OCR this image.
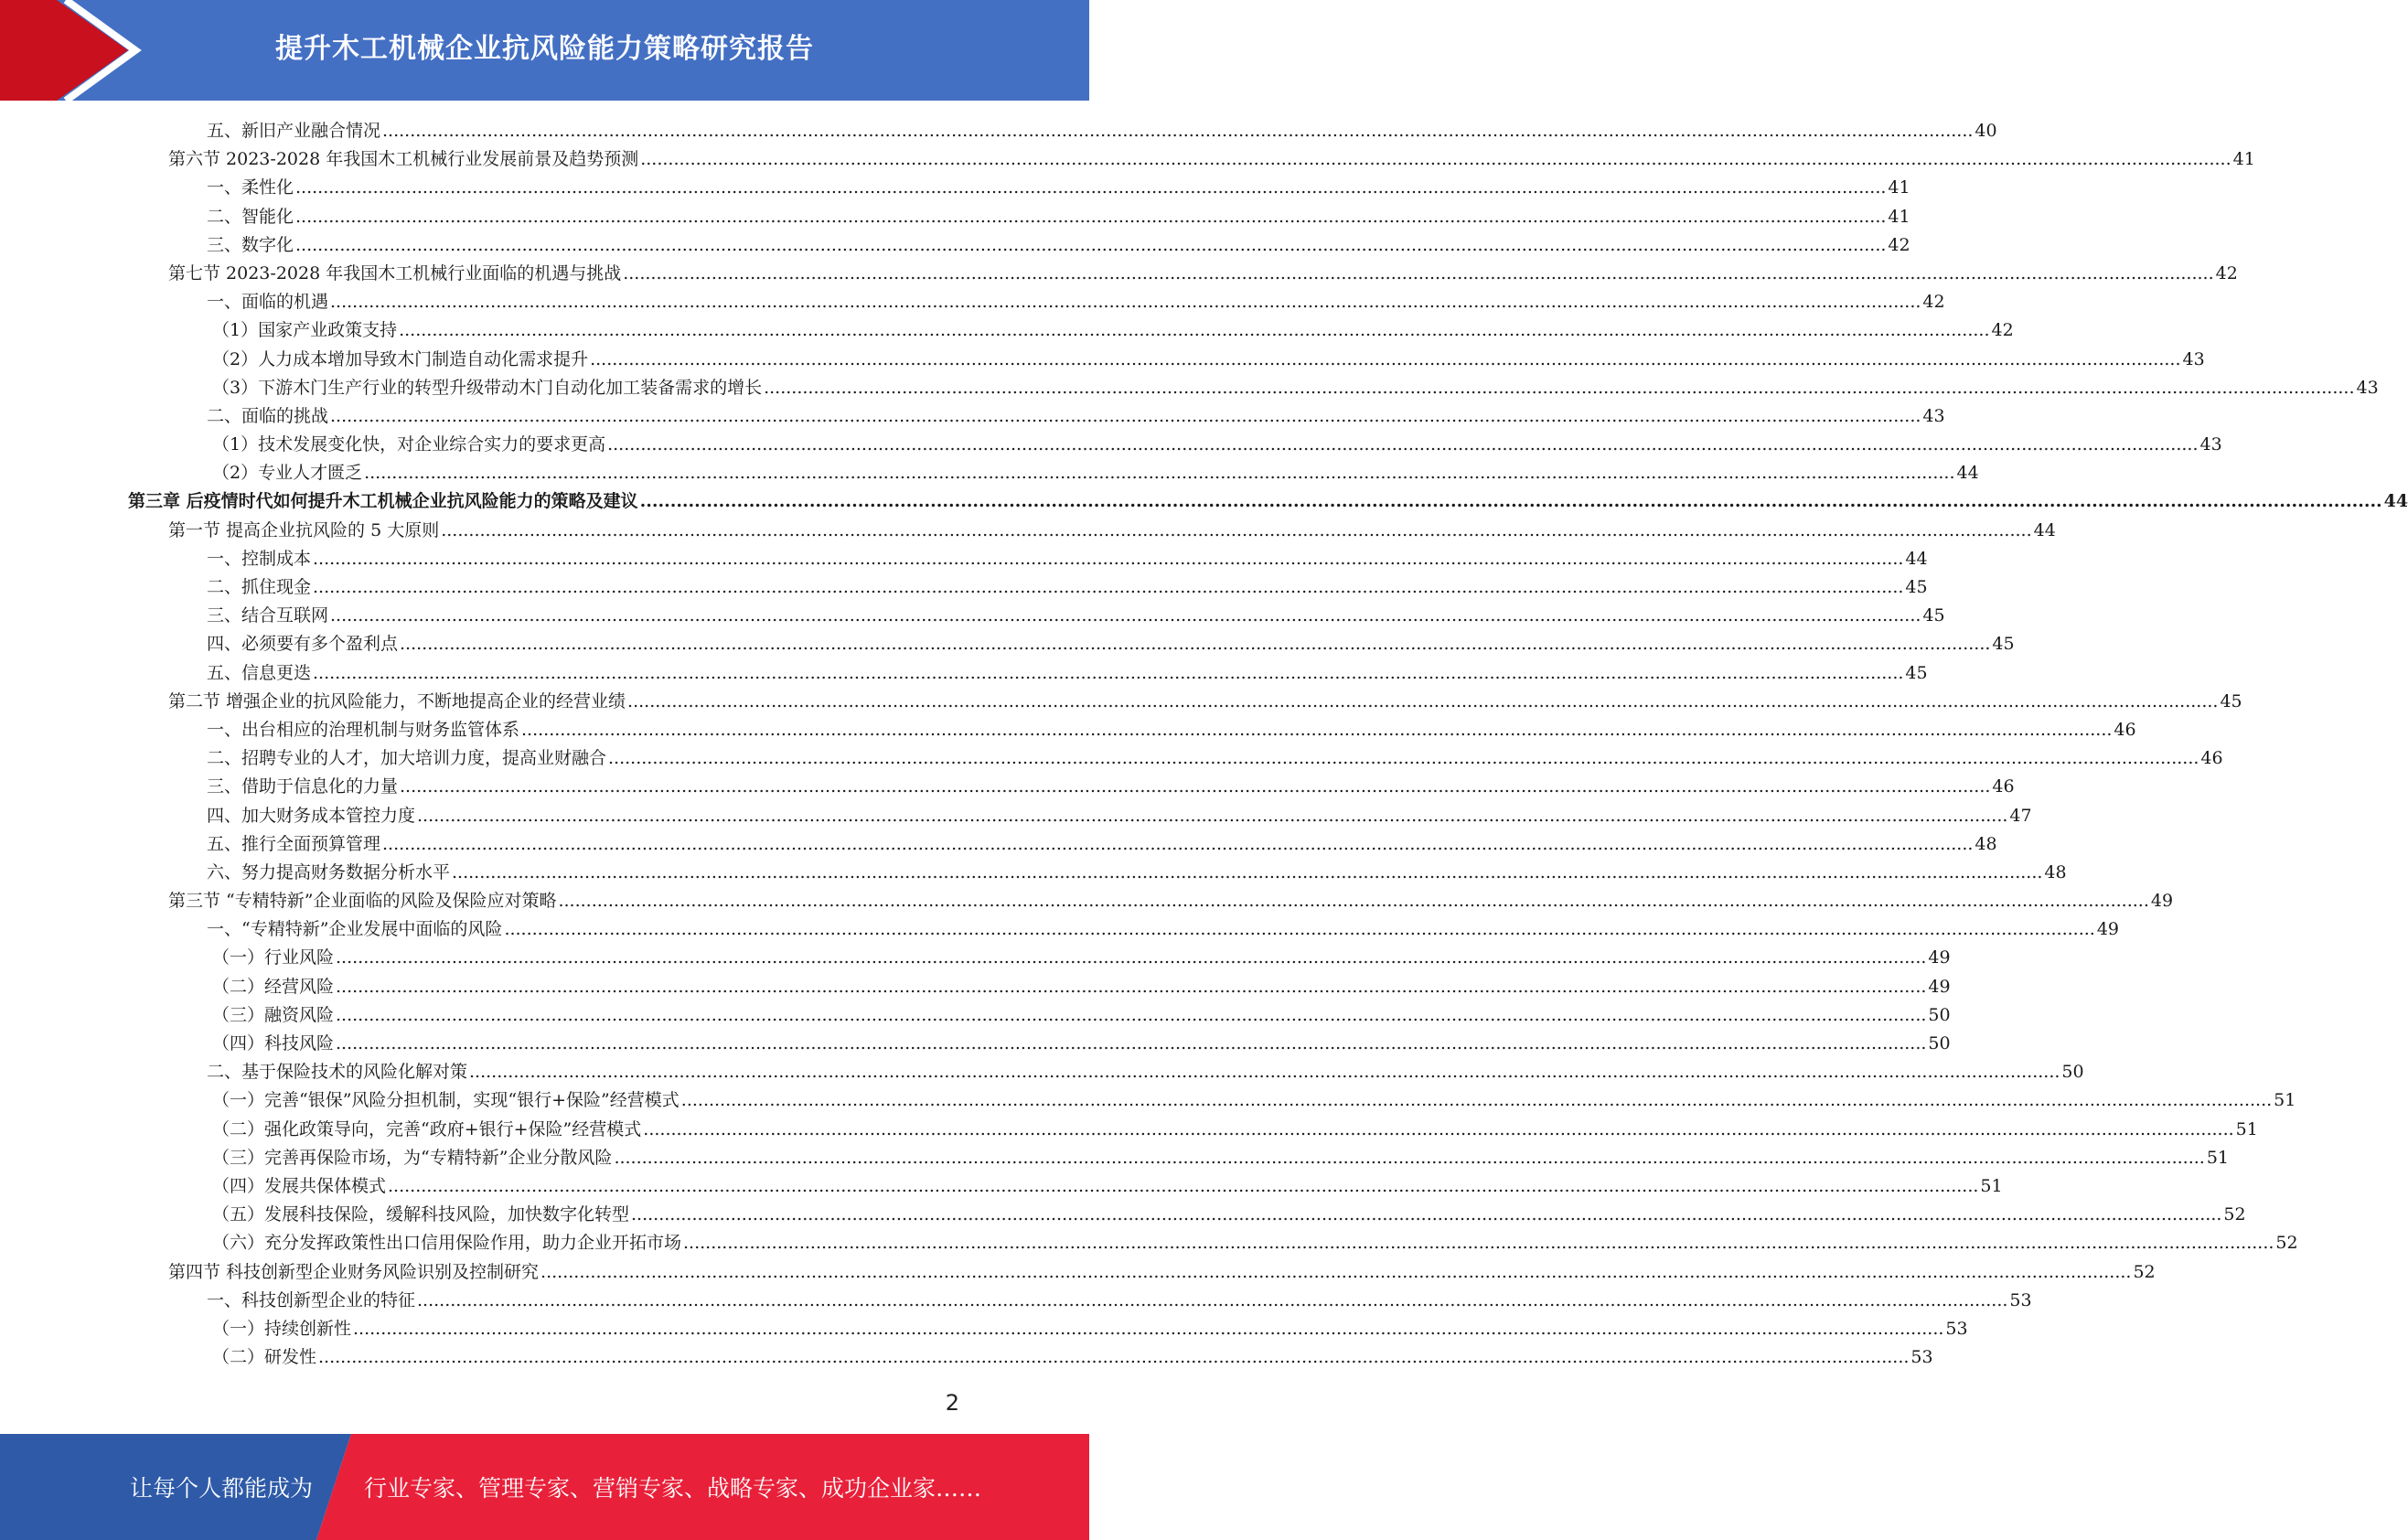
提升木工机械企业抗风险能力策略研究报告
五、新旧产业融合情况 .....	40
第六节 2023-2028 年我国木工机械行业发展前景及趋势预测 .....	41
一、柔性化 .....	41
二、智能化 .....	41
三、数字化 .....	42
第七节 2023-2028 年我国木工机械行业面临的机遇与挑战 .....	42
一、面临的机遇 .....	42
（1）国家产业政策支持 .....	42
（2）人力成本增加导致木门制造自动化需求提升 .....	43
（3）下游木门生产行业的转型升级带动木门自动化加工装备需求的增长 .....	43
二、面临的挑战 .....	43
（1）技术发展变化快，对企业综合实力的要求更高 .....	43
（2）专业人才匮乏 .....	44
第三章 后疫情时代如何提升木工机械企业抗风险能力的策略及建议 .....	44
第一节 提高企业抗风险的 5 大原则 .....	44
一、控制成本 .....	44
二、抓住现金 .....	45
三、结合互联网 .....	45
四、必须要有多个盈利点 .....	45
五、信息更迭 .....	45
第二节 增强企业的抗风险能力，不断地提高企业的经营业绩 .....	45
一、出台相应的治理机制与财务监管体系 .....	46
二、招聘专业的人才，加大培训力度，提高业财融合 .....	46
三、借助于信息化的力量 .....	46
四、加大财务成本管控力度 .....	47
五、推行全面预算管理 .....	48
六、努力提高财务数据分析水平 .....	48
第三节 “专精特新”企业面临的风险及保险应对策略 .....	49
一、“专精特新”企业发展中面临的风险 .....	49
（一）行业风险 .....	49
（二）经营风险 .....	49
（三）融资风险 .....	50
（四）科技风险 .....	50
二、基于保险技术的风险化解对策 .....	50
（一）完善“银保”风险分担机制，实现“银行+保险”经营模式 .....	51
（二）强化政策导向，完善“政府+银行+保险”经营模式 .....	51
（三）完善再保险市场，为“专精特新”企业分散风险 .....	51
（四）发展共保体模式 .....	51
（五）发展科技保险，缓解科技风险，加快数字化转型 .....	52
（六）充分发挥政策性出口信用保险作用，助力企业开拓市场 .....	52
第四节 科技创新型企业财务风险识别及控制研究 .....	52
一、科技创新型企业的特征 .....	53
（一）持续创新性 .....	53
（二）研发性 .....	53
2
让每个人都能成为 行业专家、管理专家、营销专家、战略专家、成功企业家……
